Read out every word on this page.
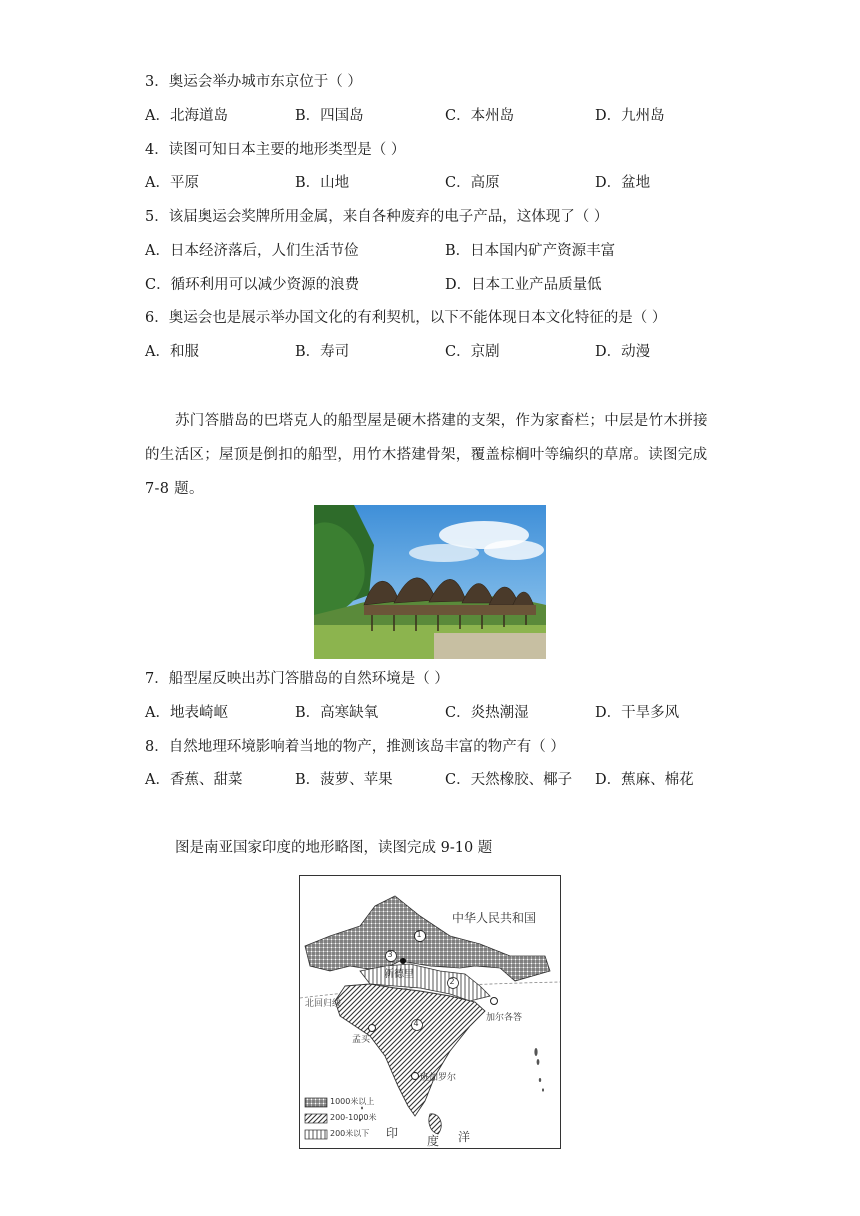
3．奥运会举办城市东京位于（ ）
A．北海道岛	B．四国岛	C．本州岛	D．九州岛
4．读图可知日本主要的地形类型是（ ）
A．平原	B．山地	C．高原	D．盆地
5．该届奥运会奖牌所用金属，来自各种废弃的电子产品，这体现了（ ）
A．日本经济落后，人们生活节俭	B．日本国内矿产资源丰富
C．循环利用可以减少资源的浪费	D．日本工业产品质量低
6．奥运会也是展示举办国文化的有利契机，以下不能体现日本文化特征的是（ ）
A．和服	B．寿司	C．京剧	D．动漫
苏门答腊岛的巴塔克人的船型屋是硬木搭建的支架，作为家畜栏；中层是竹木拼接
的生活区；屋顶是倒扣的船型，用竹木搭建骨架，覆盖棕榈叶等编织的草席。读图完成
7-8 题。
7．船型屋反映出苏门答腊岛的自然环境是（ ）
A．地表崎岖	B．高寒缺氧	C．炎热潮湿	D．干旱多风
8．自然地理环境影响着当地的物产，推测该岛丰富的物产有（ ）
A．香蕉、甜菜	B．菠萝、苹果	C．天然橡胶、椰子 D．蕉麻、棉花
图是南亚国家印度的地形略图，读图完成 9-10 题
中华人民共和国
新德里
北回归线
加尔各答
孟买
班加罗尔
1
2
3
4
1000米以上
200-1000米
200米以下 印
度 洋
